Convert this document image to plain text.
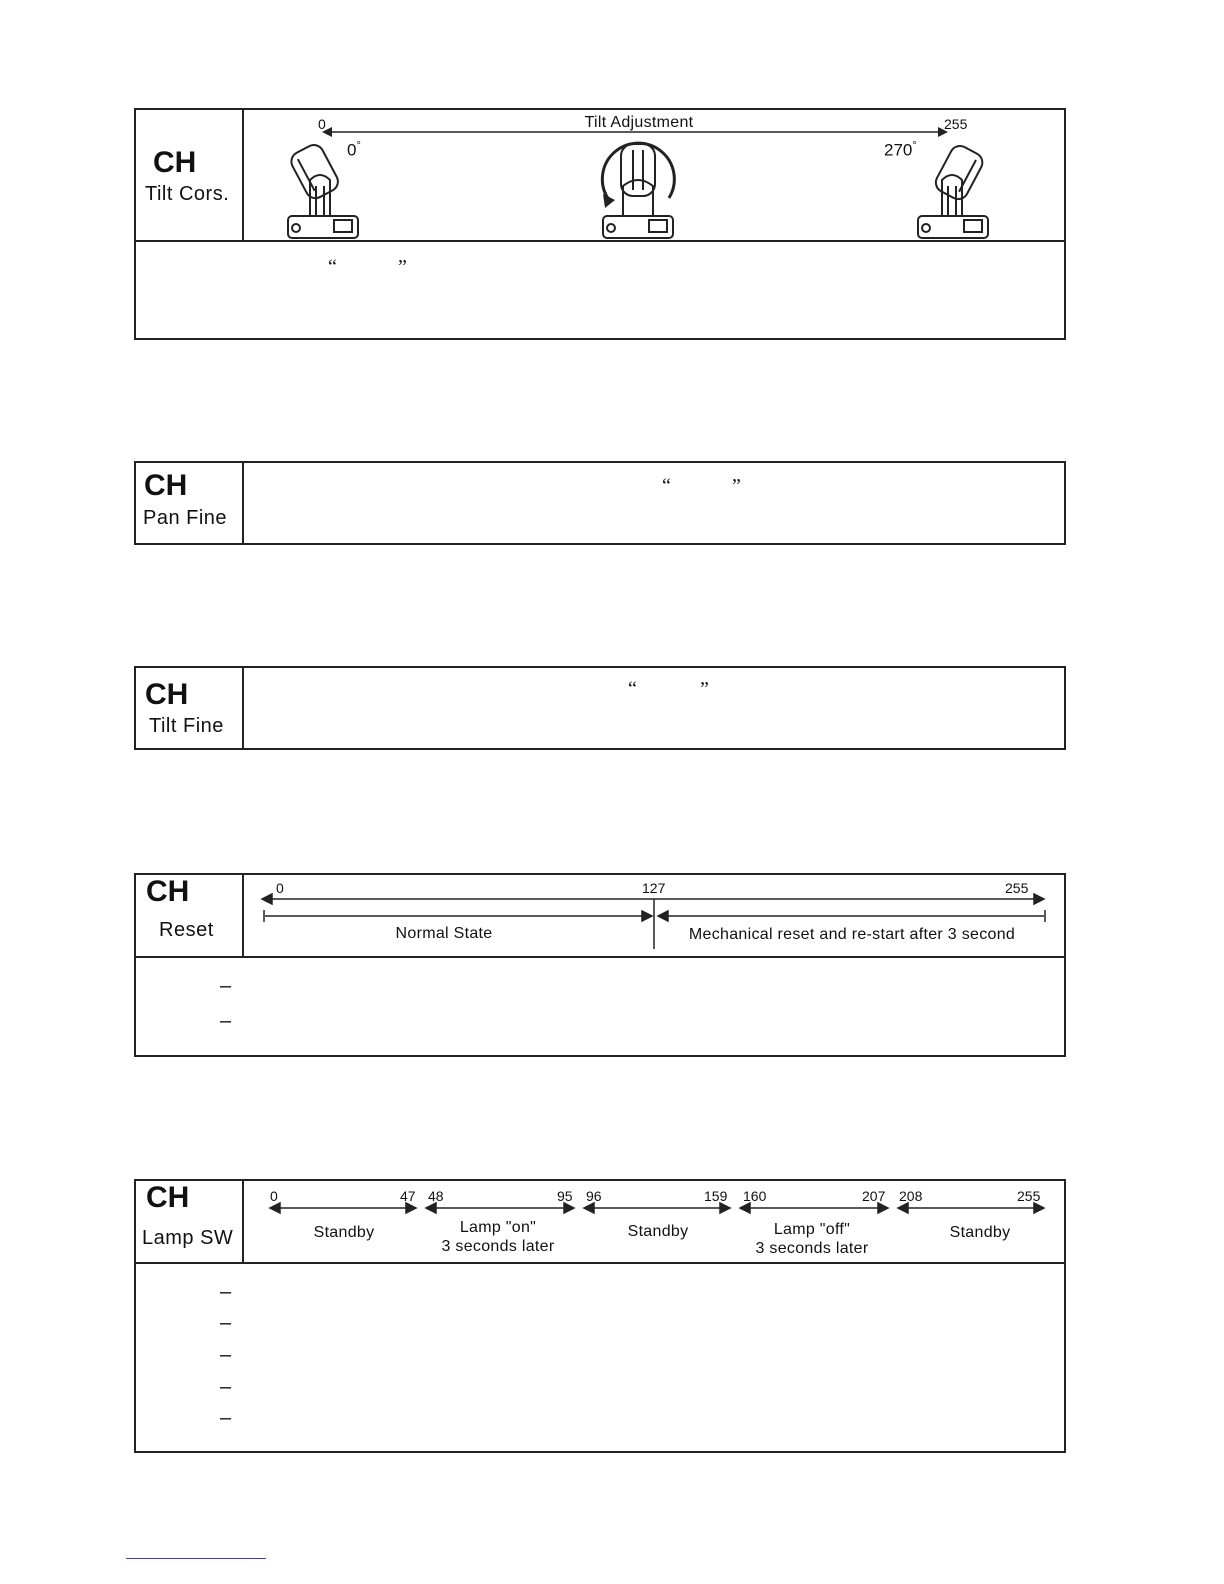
CH
Tilt Cors.
0	255
Tilt Adjustment
0°	270°
“	”
CH
Pan Fine
“	”
CH
Tilt Fine
“	”
CH
Reset
0	127	255
Normal State	Mechanical reset and re-start after 3 second
–
–
CH
Lamp SW
0	47
Standby
48	95
Lamp "on"
3 seconds later
96	159
Standby
160	207
Lamp "off"
3 seconds later
208	255
Standby
–
–
–
–
–
